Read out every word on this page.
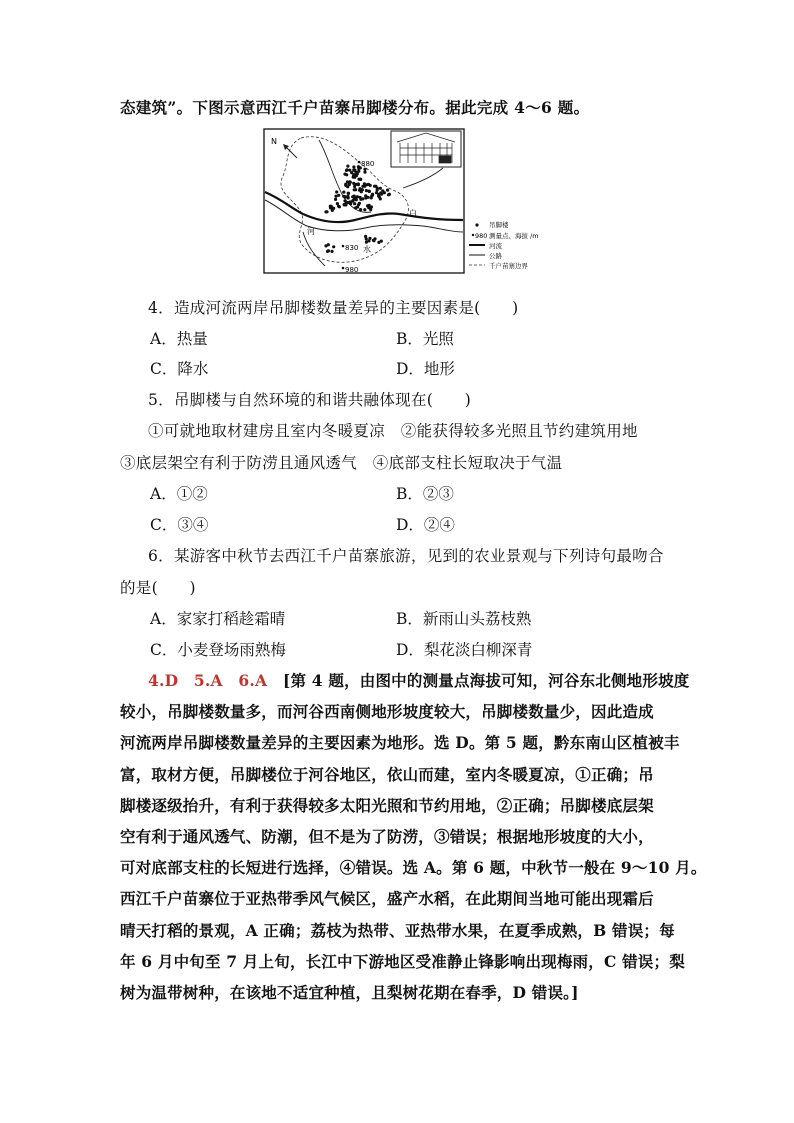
态建筑”。下图示意西江千户苗寨吊脚楼分布。据此完成 4～6 题。
N
880
830
980
白
水
河
吊脚楼
980 测量点、海拔 /m
河流
公路
千户苗寨边界
4．造成河流两岸吊脚楼数量差异的主要因素是(　　)
A．热量	B．光照
C．降水	D．地形
5．吊脚楼与自然环境的和谐共融体现在(　　)
①可就地取材建房且室内冬暖夏凉　②能获得较多光照且节约建筑用地
③底层架空有利于防涝且通风透气　④底部支柱长短取决于气温
A．①②	B．②③
C．③④	D．②④
6．某游客中秋节去西江千户苗寨旅游，见到的农业景观与下列诗句最吻合
的是(　　)
A．家家打稻趁霜晴	B．新雨山头荔枝熟
C．小麦登场雨熟梅	D．梨花淡白柳深青
4.D　5.A　6.A　 [第 4 题，由图中的测量点海拔可知，河谷东北侧地形坡度
较小，吊脚楼数量多，而河谷西南侧地形坡度较大，吊脚楼数量少，因此造成
河流两岸吊脚楼数量差异的主要因素为地形。选 D。第 5 题，黔东南山区植被丰
富，取材方便，吊脚楼位于河谷地区，依山而建，室内冬暖夏凉，①正确；吊
脚楼逐级抬升，有利于获得较多太阳光照和节约用地，②正确；吊脚楼底层架
空有利于通风透气、防潮，但不是为了防涝，③错误；根据地形坡度的大小，
可对底部支柱的长短进行选择，④错误。选 A。第 6 题，中秋节一般在 9～10 月。
西江千户苗寨位于亚热带季风气候区，盛产水稻，在此期间当地可能出现霜后
晴天打稻的景观，A 正确；荔枝为热带、亚热带水果，在夏季成熟，B 错误；每
年 6 月中旬至 7 月上旬，长江中下游地区受准静止锋影响出现梅雨，C 错误；梨
树为温带树种，在该地不适宜种植，且梨树花期在春季，D 错误。]
